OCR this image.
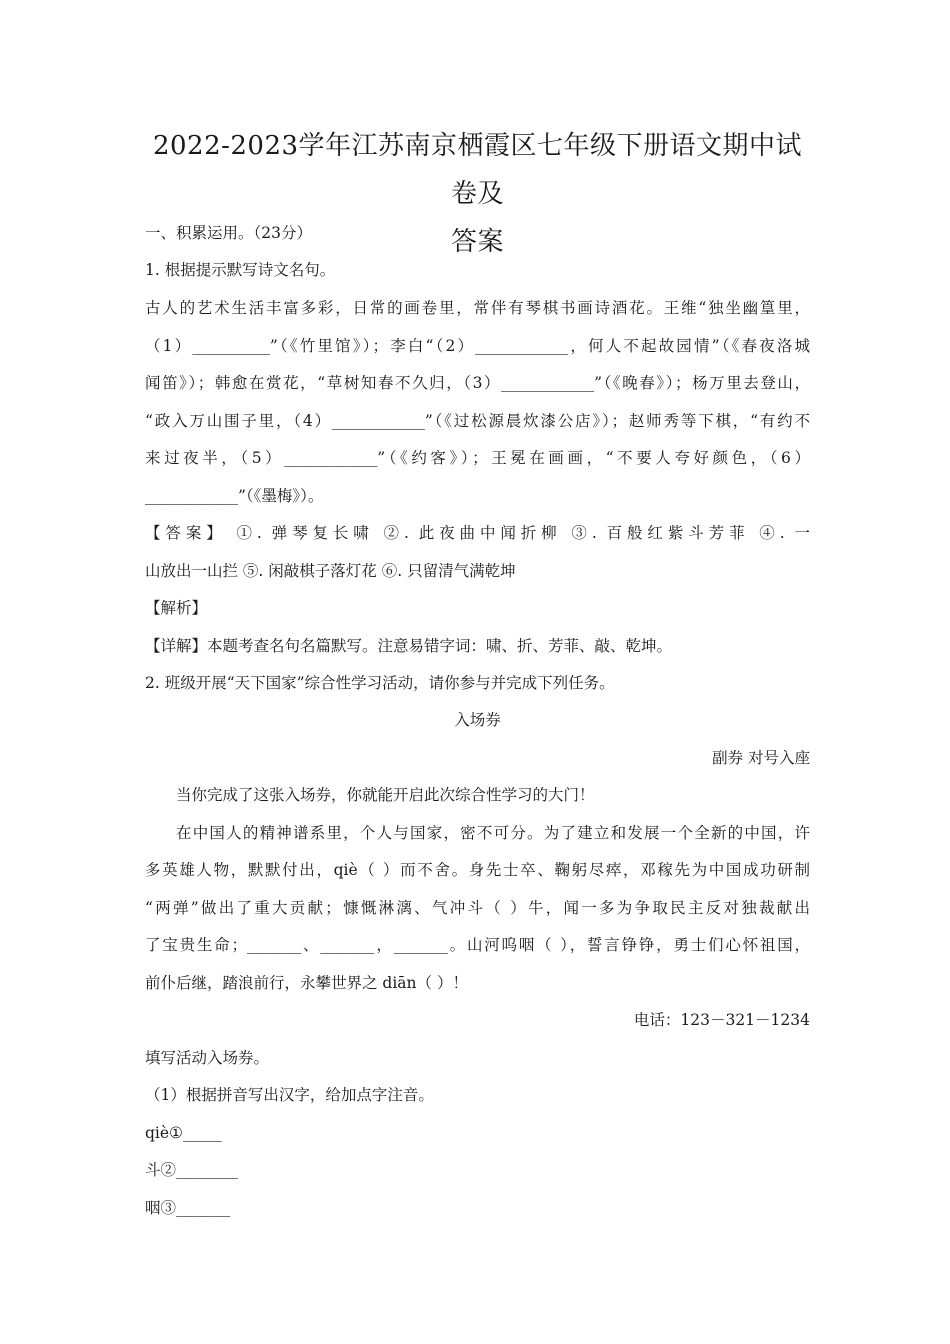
2022-2023学年江苏南京栖霞区七年级下册语文期中试卷及
答案
一、积累运用。（23分）
1. 根据提示默写诗文名句。
古人的艺术生活丰富多彩，日常的画卷里，常伴有琴棋书画诗酒花。王维“独坐幽篁里，
（1）__________”（《竹里馆》）；李白“（2）____________，何人不起故园情”（《春夜洛城
闻笛》）；韩愈在赏花，“草树知春不久归，（3）____________”（《晚春》）；杨万里去登山，
“政入万山围子里，（4）____________”（《过松源晨炊漆公店》）；赵师秀等下棋，“有约不
来过夜半，（5）____________”（《约客》）；王冕在画画，“不要人夸好颜色，（6）
____________”（《墨梅》）。
【答案】 ①. 弹琴复长啸 ②. 此夜曲中闻折柳 ③. 百般红紫斗芳菲 ④. 一
山放出一山拦 ⑤. 闲敲棋子落灯花 ⑥. 只留清气满乾坤
【解析】
【详解】本题考查名句名篇默写。注意易错字词：啸、折、芳菲、敲、乾坤。
2. 班级开展“天下国家”综合性学习活动，请你参与并完成下列任务。
入场券
副券 对号入座
当你完成了这张入场券，你就能开启此次综合性学习的大门！
在中国人的精神谱系里，个人与国家，密不可分。为了建立和发展一个全新的中国，许
多英雄人物，默默付出，qiè（ ）而不舍。身先士卒、鞠躬尽瘁，邓稼先为中国成功研制
“两弹”做出了重大贡献；慷慨淋漓、气冲斗（ ）牛，闻一多为争取民主反对独裁献出
了宝贵生命；_______、_______，_______。山河呜咽（ ），誓言铮铮，勇士们心怀祖国，
前仆后继，踏浪前行，永攀世界之 diān（ ）！
电话：123－321－1234
填写活动入场券。
（1）根据拼音写出汉字，给加点字注音。
qiè①_____
斗②________
咽③_______
